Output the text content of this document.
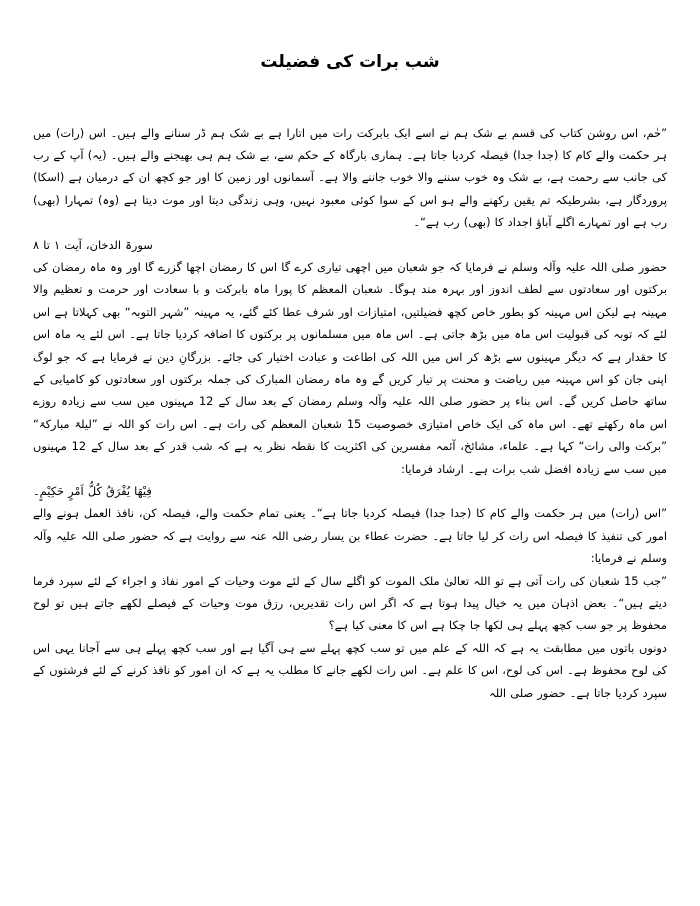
شب برات کی فضیلت

”حٰم، اس روشن کتاب کی قسم بے شک ہم نے اسے ایک بابرکت رات میں اتارا ہے بے شک ہم ڈر سنانے والے ہیں۔ اس (رات) میں ہر حکمت والے کام کا (جدا جدا) فیصلہ کردیا جاتا ہے۔ ہماری بارگاہ کے حکم سے، بے شک ہم ہی بھیجنے والے ہیں۔ (یہ) آپ کے رب کی جانب سے رحمت ہے، بے شک وہ خوب سننے والا خوب جاننے والا ہے۔ آسمانوں اور زمین کا اور جو کچھ ان کے درمیان ہے (اسکا) پروردگار ہے، بشرطیکہ تم یقین رکھنے والے ہو اس کے سوا کوئی معبود نہیں، وہی زندگی دیتا اور موت دیتا ہے (وہ) تمہارا (بھی) رب ہے اور تمہارے اگلے آباؤ اجداد کا (بھی) رب ہے“۔

سورۃ الدخان، آیت ۱ تا ۸

حضور صلی اللہ علیہ وآلہ وسلم نے فرمایا کہ جو شعبان میں اچھی تیاری کرے گا اس کا رمضان اچھا گزرے گا اور وہ ماہ رمضان کی برکتوں اور سعادتوں سے لطف اندوز اور بہرہ مند ہوگا۔ شعبان المعظم کا پورا ماہ بابرکت و با سعادت اور حرمت و تعظیم والا مہینہ ہے لیکن اس مہینہ کو بطور خاص کچھ فضیلتیں، امتیازات اور شرف عطا کئے گئے، یہ مہینہ ”شہر التوبہ“ بھی کہلاتا ہے اس لئے کہ توبہ کی قبولیت اس ماہ میں بڑھ جاتی ہے۔ اس ماہ میں مسلمانوں پر برکتوں کا اضافہ کردیا جاتا ہے۔ اس لئے یہ ماہ اس کا حقدار ہے کہ دیگر مہینوں سے بڑھ کر اس میں اللہ کی اطاعت و عبادت اختیار کی جائے۔ بزرگانِ دین نے فرمایا ہے کہ جو لوگ اپنی جان کو اس مہینہ میں ریاضت و محنت پر تیار کریں گے وہ ماہ رمضان المبارک کی جملہ برکتوں اور سعادتوں کو کامیابی کے ساتھ حاصل کریں گے۔ اس بناء پر حضور صلی اللہ علیہ وآلہ وسلم رمضان کے بعد سال کے 12 مہینوں میں سب سے زیادہ روزے اس ماہ رکھتے تھے۔ اس ماہ کی ایک خاص امتیازی خصوصیت 15 شعبان المعظم کی رات ہے۔ اس رات کو اللہ نے ”لیلۃ مبارکۃ“ ”برکت والی رات“ کہا ہے۔ علماء، مشائخ، آئمہ مفسرین کی اکثریت کا نقطہ نظر یہ ہے کہ شب قدر کے بعد سال کے 12 مہینوں میں سب سے زیادہ افضل شب برات ہے۔ ارشاد فرمایا:

فِیْھَا یُفْرَقُ کُلُّ اَمْرٍ حَکِیْمٍ۔

”اس (رات) میں ہر حکمت والے کام کا (جدا جدا) فیصلہ کردیا جاتا ہے“۔ یعنی تمام حکمت والے، فیصلہ کن، نافذ العمل ہونے والے امور کی تنفیذ کا فیصلہ اس رات کر لیا جاتا ہے۔ حضرت عطاء بن یسار رضی اللہ عنہ سے روایت ہے کہ حضور صلی اللہ علیہ وآلہ وسلم نے فرمایا:

”جب 15 شعبان کی رات آتی ہے تو اللہ تعالیٰ ملک الموت کو اگلے سال کے لئے موت وحیات کے امور نفاذ و اجراء کے لئے سپرد فرما دیتے ہیں“۔ بعض اذہان میں یہ خیال پیدا ہوتا ہے کہ اگر اس رات تقدیریں، رزق موت وحیات کے فیصلے لکھے جاتے ہیں تو لوح محفوظ پر جو سب کچھ پہلے ہی لکھا جا چکا ہے اس کا معنی کیا ہے؟

دونوں باتوں میں مطابقت یہ ہے کہ اللہ کے علم میں تو سب کچھ پہلے سے ہی آگیا ہے اور سب کچھ پہلے ہی سے آجانا یہی اس کی لوح محفوظ ہے۔ اس کی لوح، اس کا علم ہے۔ اس رات لکھے جانے کا مطلب یہ ہے کہ ان امور کو نافذ کرنے کے لئے فرشتوں کے سپرد کردیا جاتا ہے۔ حضور صلی اللہ
